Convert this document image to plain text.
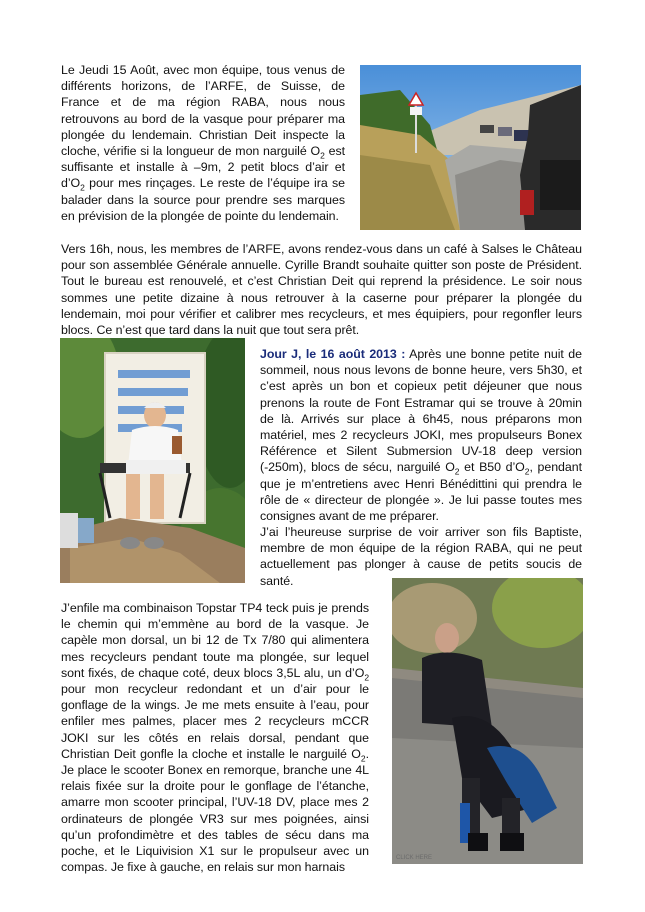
Le Jeudi 15 Août, avec mon équipe, tous venus de différents horizons, de l’ARFE, de Suisse, de France et de ma région RABA, nous nous retrouvons au bord de la vasque pour préparer ma plongée du lendemain. Christian Deit inspecte la cloche, vérifie si la longueur de mon narguilé $O_2$ est suffisante et installe à –9m, 2 petit blocs d’air et $d’O_2$ pour mes rinçages. Le reste de l’équipe ira se balader dans la source pour prendre ses marques en prévision de la plongée de pointe du lendemain.

Vers 16h, nous, les membres de l’ARFE, avons rendez-vous dans un café à Salses le Château pour son assemblée Générale annuelle. Cyrille Brandt souhaite quitter son poste de Président. Tout le bureau est renouvelé, et c’est Christian Deit qui reprend la présidence. Le soir nous sommes une petite dizaine à nous retrouver à la caserne pour préparer la plongée du lendemain, moi pour vérifier et calibrer mes recycleurs, et mes équipiers, pour regonfler leurs blocs. Ce n’est que tard dans la nuit que tout sera prêt.

Jour J, le 16 août 2013 : Après une bonne petite nuit de sommeil, nous nous levons de bonne heure, vers 5h30, et c’est après un bon et copieux petit déjeuner que nous prenons la route de Font Estramar qui se trouve à 20min de là. Arrivés sur place à 6h45, nous préparons mon matériel, mes 2 recycleurs JOKI, mes propulseurs Bonex Référence et Silent Submersion UV-18 deep version (-250m), blocs de sécu, narguilé $O_2$ et B50 $d’O_2$, pendant que je m’entretiens avec Henri Bénédittini qui prendra le rôle de « directeur de plongée ». Je lui passe toutes mes consignes avant de me préparer.

J’ai l’heureuse surprise de voir arriver son fils Baptiste, membre de mon équipe de la région RABA, qui ne peut actuellement pas plonger à cause de petits soucis de santé.

J’enfile ma combinaison Topstar TP4 teck puis je prends le chemin qui m’emmène au bord de la vasque. Je capèle mon dorsal, un bi 12 de Tx 7/80 qui alimentera mes recycleurs pendant toute ma plongée, sur lequel sont fixés, de chaque coté, deux blocs 3,5L alu, un $d’O_2$ pour mon recycleur redondant et un d’air pour le gonflage de la wings. Je me mets ensuite à l’eau, pour enfiler mes palmes, placer mes 2 recycleurs mCCR JOKI sur les côtés en relais dorsal, pendant que Christian Deit gonfle la cloche et installe le narguilé $O_2$. Je place le scooter Bonex en remorque, branche une 4L relais fixée sur la droite pour le gonflage de l’étanche, amarre mon scooter principal, l’UV-18 DV, place mes 2 ordinateurs de plongée VR3 sur mes poignées, ainsi qu’un profondimètre et des tables de sécu dans ma poche, et le Liquivision X1 sur le propulseur avec un compas. Je fixe à gauche, en relais sur mon harnais

CLICK HERE
